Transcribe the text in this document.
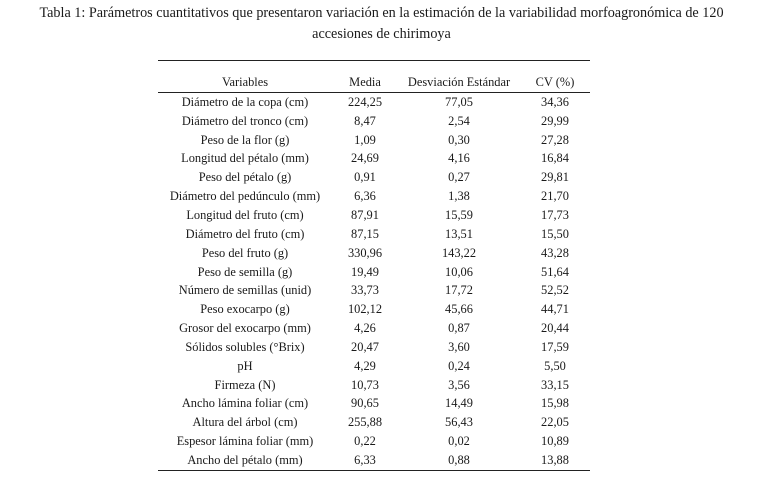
Tabla 1: Parámetros cuantitativos que presentaron variación en la estimación de la variabilidad morfoagronómica de 120
accesiones de chirimoya

Variables	Media	Desviación Estándar	CV (%)
Diámetro de la copa (cm)	224,25	77,05	34,36
Diámetro del tronco (cm)	8,47	2,54	29,99
Peso de la flor (g)	1,09	0,30	27,28
Longitud del pétalo (mm)	24,69	4,16	16,84
Peso del pétalo (g)	0,91	0,27	29,81
Diámetro del pedúnculo (mm)	6,36	1,38	21,70
Longitud del fruto (cm)	87,91	15,59	17,73
Diámetro del fruto (cm)	87,15	13,51	15,50
Peso del fruto (g)	330,96	143,22	43,28
Peso de semilla (g)	19,49	10,06	51,64
Número de semillas (unid)	33,73	17,72	52,52
Peso exocarpo (g)	102,12	45,66	44,71
Grosor del exocarpo (mm)	4,26	0,87	20,44
Sólidos solubles (°Brix)	20,47	3,60	17,59
pH	4,29	0,24	5,50
Firmeza (N)	10,73	3,56	33,15
Ancho lámina foliar (cm)	90,65	14,49	15,98
Altura del árbol (cm)	255,88	56,43	22,05
Espesor lámina foliar (mm)	0,22	0,02	10,89
Ancho del pétalo (mm)	6,33	0,88	13,88
